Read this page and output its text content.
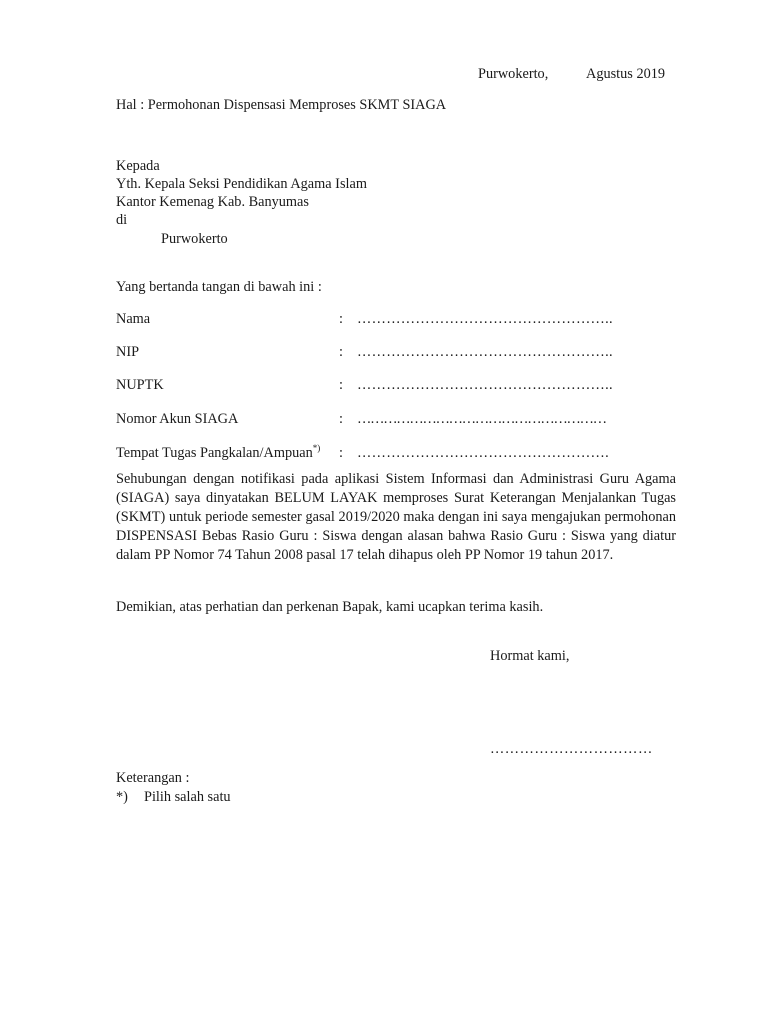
Purwokerto,	Agustus 2019
Hal : Permohonan Dispensasi Memproses SKMT SIAGA
Kepada
Yth. Kepala Seksi Pendidikan Agama Islam
Kantor Kemenag Kab. Banyumas
di
Purwokerto
Yang bertanda tangan di bawah ini :
Nama	: ……………………………………………..
NIP	: ……………………………………………..
NUPTK	: ……………………………………………..
Nomor Akun SIAGA	: …………………………………………………
Tempat Tugas Pangkalan/Ampuan*) : …………………………………………….
Sehubungan dengan notifikasi pada aplikasi Sistem Informasi dan Administrasi Guru Agama (SIAGA) saya dinyatakan BELUM LAYAK memproses Surat Keterangan Menjalankan Tugas (SKMT) untuk periode semester gasal 2019/2020 maka dengan ini saya mengajukan permohonan DISPENSASI Bebas Rasio Guru : Siswa dengan alasan bahwa Rasio Guru : Siswa yang diatur dalam PP Nomor 74 Tahun 2008 pasal 17 telah dihapus oleh PP Nomor 19 tahun 2017.
Demikian, atas perhatian dan perkenan Bapak, kami ucapkan terima kasih.
Hormat kami,
……………………………
Keterangan :
*) Pilih salah satu
